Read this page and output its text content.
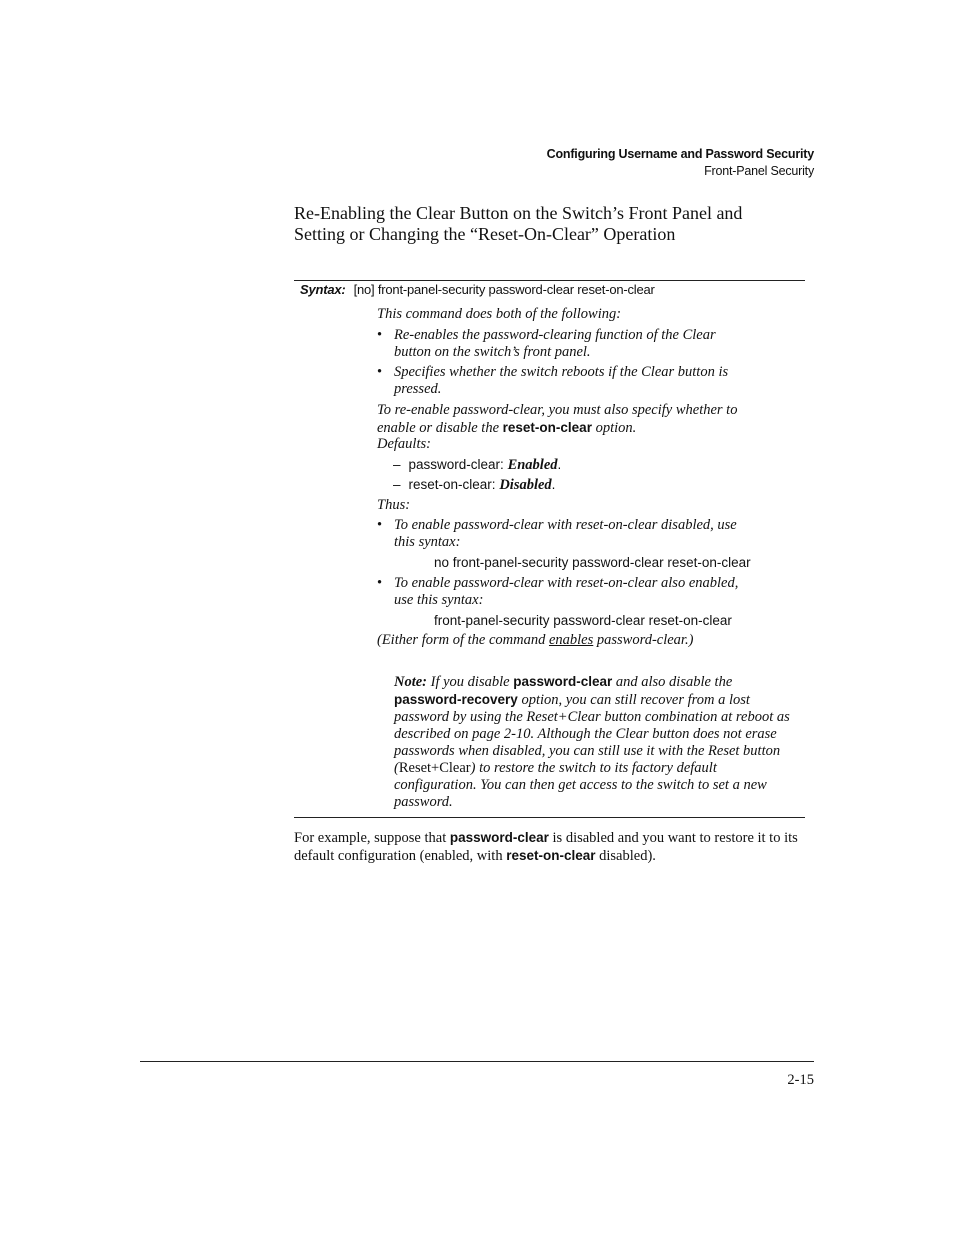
Configuring Username and Password Security
Front-Panel Security
Re-Enabling the Clear Button on the Switch’s Front Panel and
Setting or Changing the “Reset-On-Clear” Operation
Syntax: [no] front-panel-security password-clear reset-on-clear
This command does both of the following:
• Re-enables the password-clearing function of the Clear
button on the switch’s front panel.
• Specifies whether the switch reboots if the Clear button is
pressed.
To re-enable password-clear, you must also specify whether to
enable or disable the reset-on-clear option.
Defaults:
– password-clear: Enabled.
– reset-on-clear: Disabled.
Thus:
• To enable password-clear with reset-on-clear disabled, use
this syntax:
no front-panel-security password-clear reset-on-clear
• To enable password-clear with reset-on-clear also enabled,
use this syntax:
front-panel-security password-clear reset-on-clear
(Either form of the command enables password-clear.)
Note: If you disable password-clear and also disable the password-recovery option, you can still recover from a lost password by using the Reset+Clear button combination at reboot as described on page 2-10. Although the Clear button does not erase passwords when disabled, you can still use it with the Reset button (Reset+Clear) to restore the switch to its factory default configuration. You can then get access to the switch to set a new password.
For example, suppose that password-clear is disabled and you want to restore it to its default configuration (enabled, with reset-on-clear disabled).
2-15
